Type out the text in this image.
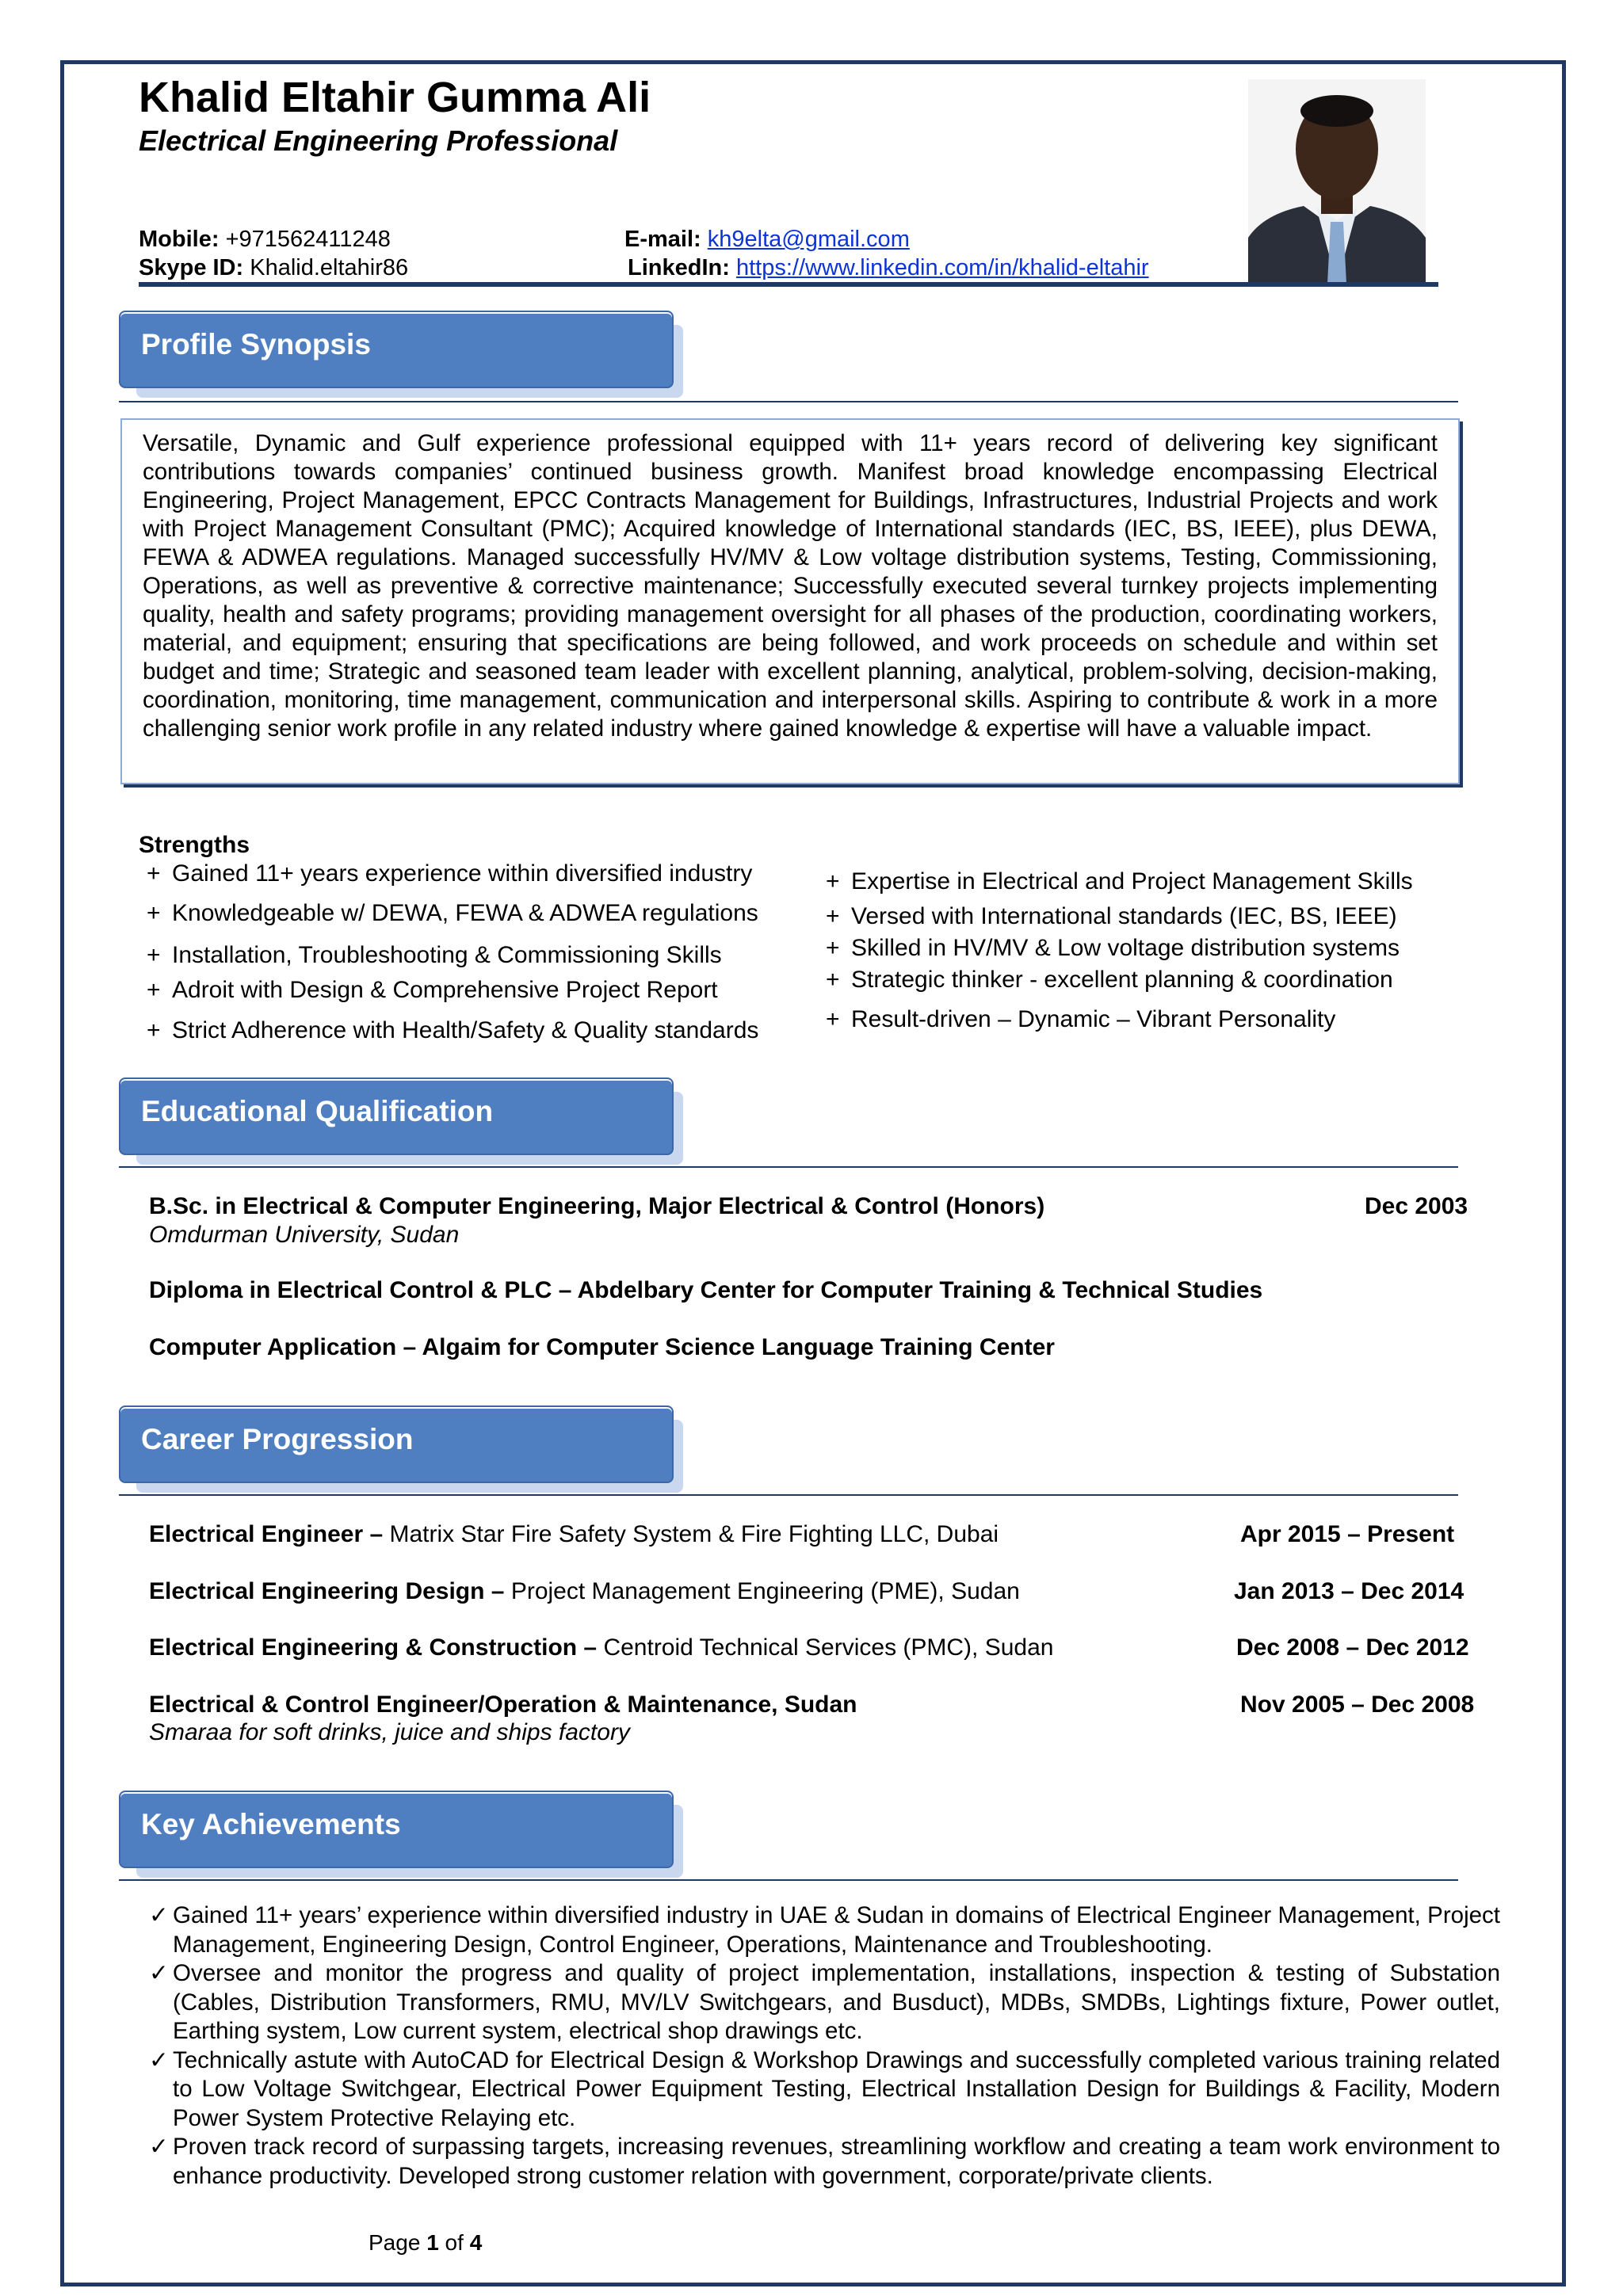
Khalid Eltahir Gumma Ali
Electrical Engineering Professional
Mobile: +971562411248
Skype ID: Khalid.eltahir86
E-mail: kh9elta@gmail.com
LinkedIn: https://www.linkedin.com/in/khalid-eltahir
Profile Synopsis

Versatile, Dynamic and Gulf experience professional equipped with 11+ years record of delivering key significant contributions towards companies’ continued business growth. Manifest broad knowledge encompassing Electrical Engineering, Project Management, EPCC Contracts Management for Buildings, Infrastructures, Industrial Projects and work with Project Management Consultant (PMC); Acquired knowledge of International standards (IEC, BS, IEEE), plus DEWA, FEWA & ADWEA regulations. Managed successfully HV/MV & Low voltage distribution systems, Testing, Commissioning, Operations, as well as preventive & corrective maintenance; Successfully executed several turnkey projects implementing quality, health and safety programs; providing management oversight for all phases of the production, coordinating workers, material, and equipment; ensuring that specifications are being followed, and work proceeds on schedule and within set budget and time; Strategic and seasoned team leader with excellent planning, analytical, problem-solving, decision-making, coordination, monitoring, time management, communication and interpersonal skills. Aspiring to contribute & work in a more challenging senior work profile in any related industry where gained knowledge & expertise will have a valuable impact.

Strengths
+ Gained 11+ years experience within diversified industry
+ Knowledgeable w/ DEWA, FEWA & ADWEA regulations
+ Installation, Troubleshooting & Commissioning Skills
+ Adroit with Design & Comprehensive Project Report
+ Strict Adherence with Health/Safety & Quality standards
+ Expertise in Electrical and Project Management Skills
+ Versed with International standards (IEC, BS, IEEE)
+ Skilled in HV/MV & Low voltage distribution systems
+ Strategic thinker - excellent planning & coordination
+ Result-driven – Dynamic – Vibrant Personality
Educational Qualification
B.Sc. in Electrical & Computer Engineering, Major Electrical & Control (Honors)	Dec 2003
Omdurman University, Sudan
Diploma in Electrical Control & PLC – Abdelbary Center for Computer Training & Technical Studies
Computer Application – Algaim for Computer Science Language Training Center
Career Progression
Electrical Engineer – Matrix Star Fire Safety System & Fire Fighting LLC, Dubai	Apr 2015 – Present
Electrical Engineering Design – Project Management Engineering (PME), Sudan	Jan 2013 – Dec 2014
Electrical Engineering & Construction – Centroid Technical Services (PMC), Sudan	Dec 2008 – Dec 2012
Electrical & Control Engineer/Operation & Maintenance, Sudan	Nov 2005 – Dec 2008
Smaraa for soft drinks, juice and ships factory
Key Achievements
✓ Gained 11+ years’ experience within diversified industry in UAE & Sudan in domains of Electrical Engineer Management, Project Management, Engineering Design, Control Engineer, Operations, Maintenance and Troubleshooting.
✓ Oversee and monitor the progress and quality of project implementation, installations, inspection & testing of Substation (Cables, Distribution Transformers, RMU, MV/LV Switchgears, and Busduct), MDBs, SMDBs, Lightings fixture, Power outlet, Earthing system, Low current system, electrical shop drawings etc.
✓ Technically astute with AutoCAD for Electrical Design & Workshop Drawings and successfully completed various training related to Low Voltage Switchgear, Electrical Power Equipment Testing, Electrical Installation Design for Buildings & Facility, Modern Power System Protective Relaying etc.
✓ Proven track record of surpassing targets, increasing revenues, streamlining workflow and creating a team work environment to enhance productivity. Developed strong customer relation with government, corporate/private clients.
Page 1 of 4
